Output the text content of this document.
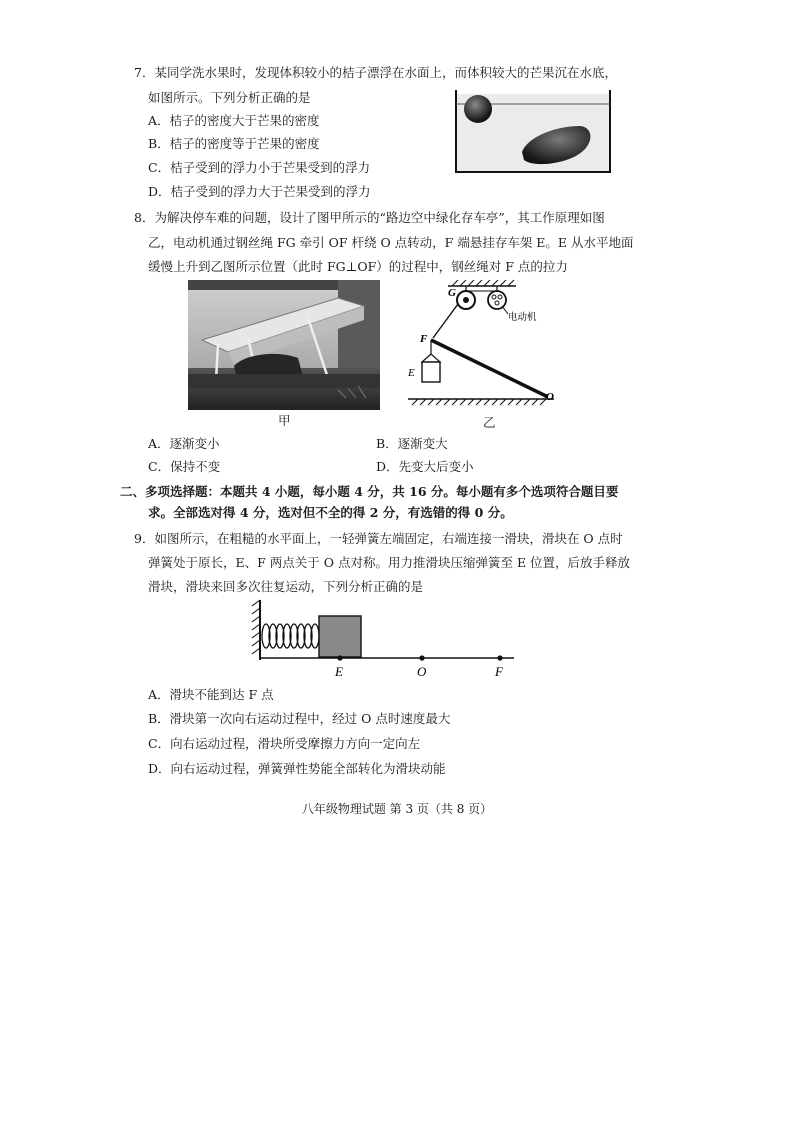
7．某同学洗水果时，发现体积较小的桔子漂浮在水面上，而体积较大的芒果沉在水底，
如图所示。下列分析正确的是
A．桔子的密度大于芒果的密度
B．桔子的密度等于芒果的密度
C．桔子受到的浮力小于芒果受到的浮力
D．桔子受到的浮力大于芒果受到的浮力
8．为解决停车难的问题，设计了图甲所示的“路边空中绿化存车亭”，其工作原理如图
乙，电动机通过钢丝绳 FG 牵引 OF 杆绕 O 点转动，F 端悬挂存车架 E。E 从水平地面
缓慢上升到乙图所示位置（此时 FG⊥OF）的过程中，钢丝绳对 F 点的拉力
甲
G
F
E
O
电动机
乙
A．逐渐变小	B．逐渐变大
C．保持不变	D．先变大后变小
二、多项选择题：本题共 4 小题，每小题 4 分，共 16 分。每小题有多个选项符合题目要
求。全部选对得 4 分，选对但不全的得 2 分，有选错的得 0 分。
9．如图所示，在粗糙的水平面上，一轻弹簧左端固定，右端连接一滑块，滑块在 O 点时
弹簧处于原长，E、F 两点关于 O 点对称。用力推滑块压缩弹簧至 E 位置，后放手释放
滑块，滑块来回多次往复运动，下列分析正确的是
E	O	F
A．滑块不能到达 F 点
B．滑块第一次向右运动过程中，经过 O 点时速度最大
C．向右运动过程，滑块所受摩擦力方向一定向左
D．向右运动过程，弹簧弹性势能全部转化为滑块动能
八年级物理试题 第 3 页（共 8 页）
